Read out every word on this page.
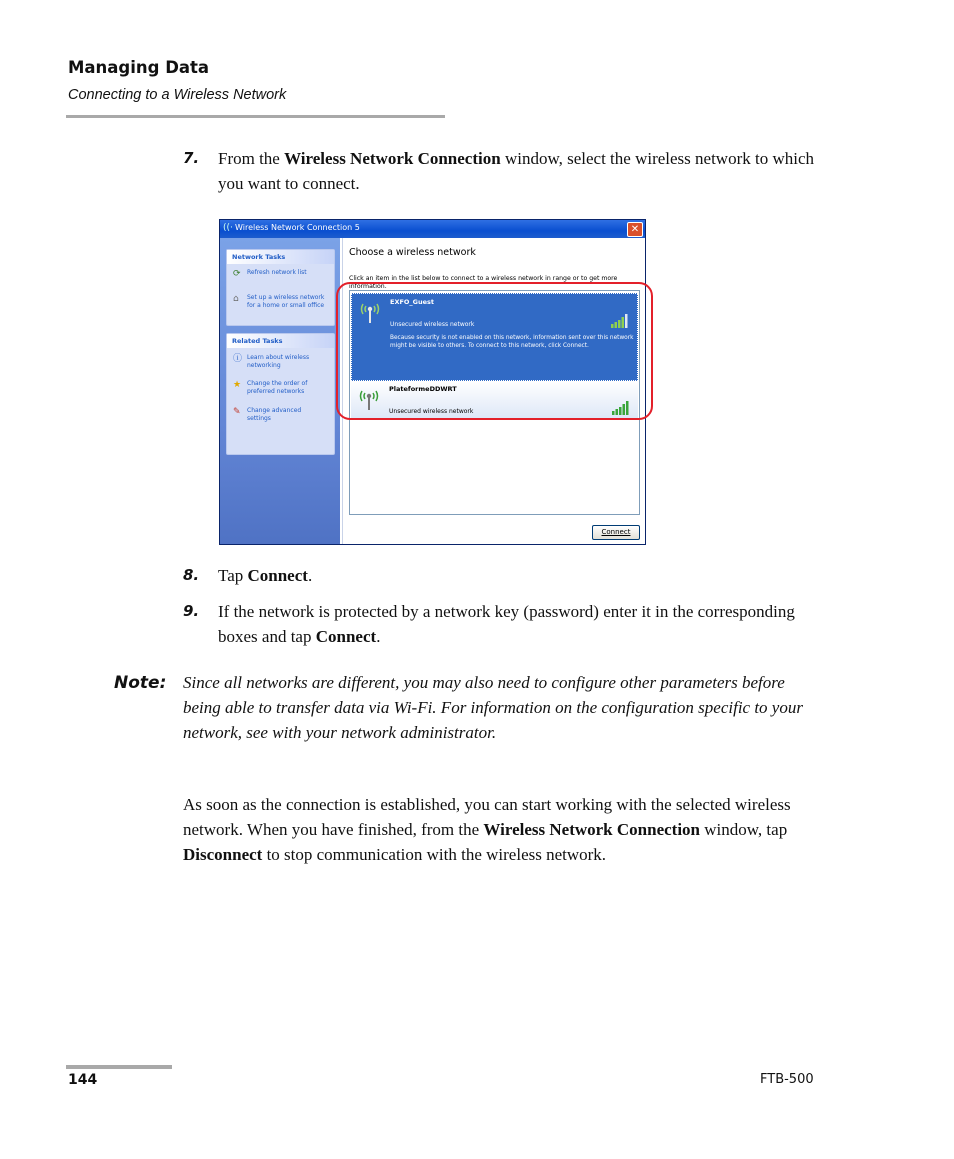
Managing Data
Connecting to a Wireless Network
7. From the Wireless Network Connection window, select the wireless network to which you want to connect.
((· Wireless Network Connection 5	✕
Network Tasks
⟳	Refresh network list
⌂	Set up a wireless network
for a home or small office
Related Tasks
ⓘ Learn about wireless
networking
★ Change the order of
preferred networks
✎	Change advanced
settings
Choose a wireless network
Click an item in the list below to connect to a wireless network in range or to get more information.
EXFO_Guest
Unsecured wireless network
Because security is not enabled on this network, information sent over this network might be visible to others. To connect to this network, click Connect.
PlateformeDDWRT
Unsecured wireless network
Connect
8. Tap Connect.
9. If the network is protected by a network key (password) enter it in the corresponding boxes and tap Connect.
Note: Since all networks are different, you may also need to configure other parameters before being able to transfer data via Wi-Fi. For information on the configuration specific to your network, see with your network administrator.
As soon as the connection is established, you can start working with the selected wireless network. When you have finished, from the Wireless Network Connection window, tap Disconnect to stop communication with the wireless network.
144	FTB-500
